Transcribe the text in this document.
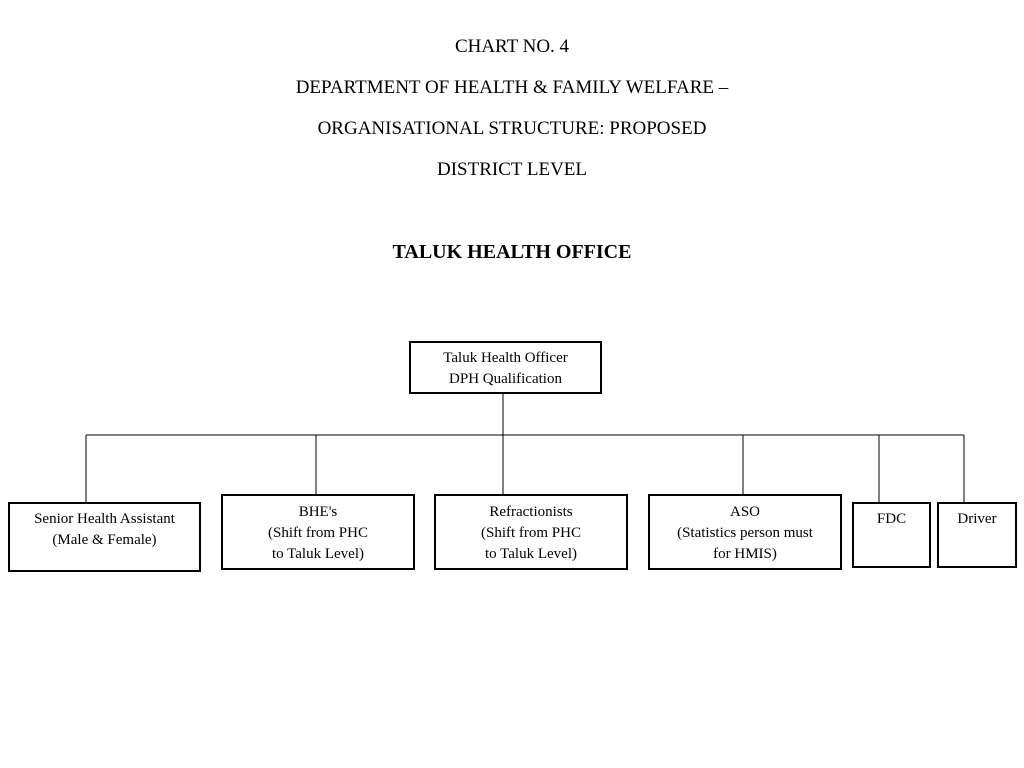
CHART NO. 4
DEPARTMENT OF HEALTH & FAMILY WELFARE –
ORGANISATIONAL STRUCTURE: PROPOSED
DISTRICT LEVEL
TALUK HEALTH OFFICE
Taluk Health Officer
DPH Qualification
Senior Health Assistant
(Male & Female)
BHE's
(Shift from PHC
to Taluk Level)
Refractionists
(Shift from PHC
to Taluk Level)
ASO
(Statistics person must
for HMIS)
FDC	Driver
